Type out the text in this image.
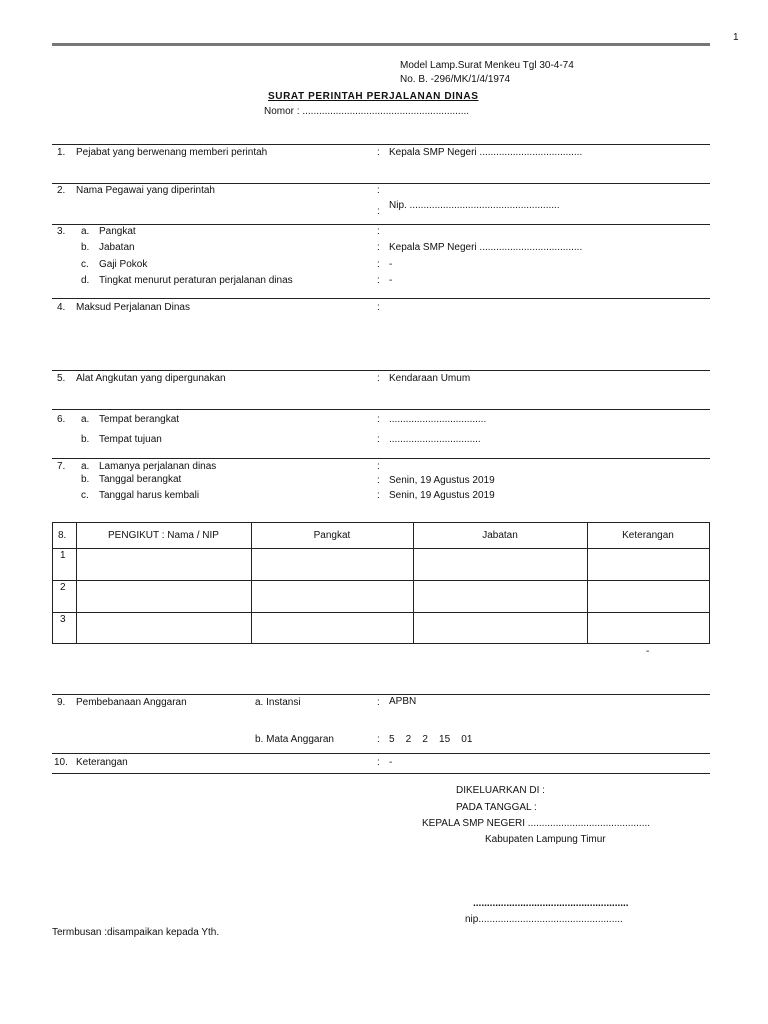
1
Model Lamp.Surat Menkeu Tgl 30-4-74
No. B. -296/MK/1/4/1974
SURAT PERINTAH PERJALANAN DINAS
Nomor : ............................................................
1. Pejabat yang berwenang memberi perintah	: Kepala SMP Negeri .....................................
2. Nama Pegawai yang diperintah	:
:
Nip. ......................................................
3. a. Pangkat	:
b. Jabatan	: Kepala SMP Negeri .....................................
c. Gaji Pokok	: -
d. Tingkat menurut peraturan perjalanan dinas	: -
4. Maksud Perjalanan Dinas	:
5. Alat Angkutan yang dipergunakan	: Kendaraan Umum
6. a. Tempat berangkat	: ...................................
b. Tempat tujuan	: .................................
7. a. Lamanya perjalanan dinas	:
b. Tanggal berangkat	: Senin, 19 Agustus 2019
c. Tanggal harus kembali	: Senin, 19 Agustus 2019
8.	PENGIKUT : Nama / NIP	Pangkat	Jabatan	Keterangan
1
2
3
-
9. Pembebanaan Anggaran	a. Instansi	: APBN
b. Mata Anggaran	: 5    2    2    15    01
10. Keterangan	: -
DIKELUARKAN DI :
PADA TANGGAL :
KEPALA SMP NEGERI ............................................
Kabupaten Lampung Timur
........................................................
nip....................................................
Termbusan :disampaikan kepada Yth.
